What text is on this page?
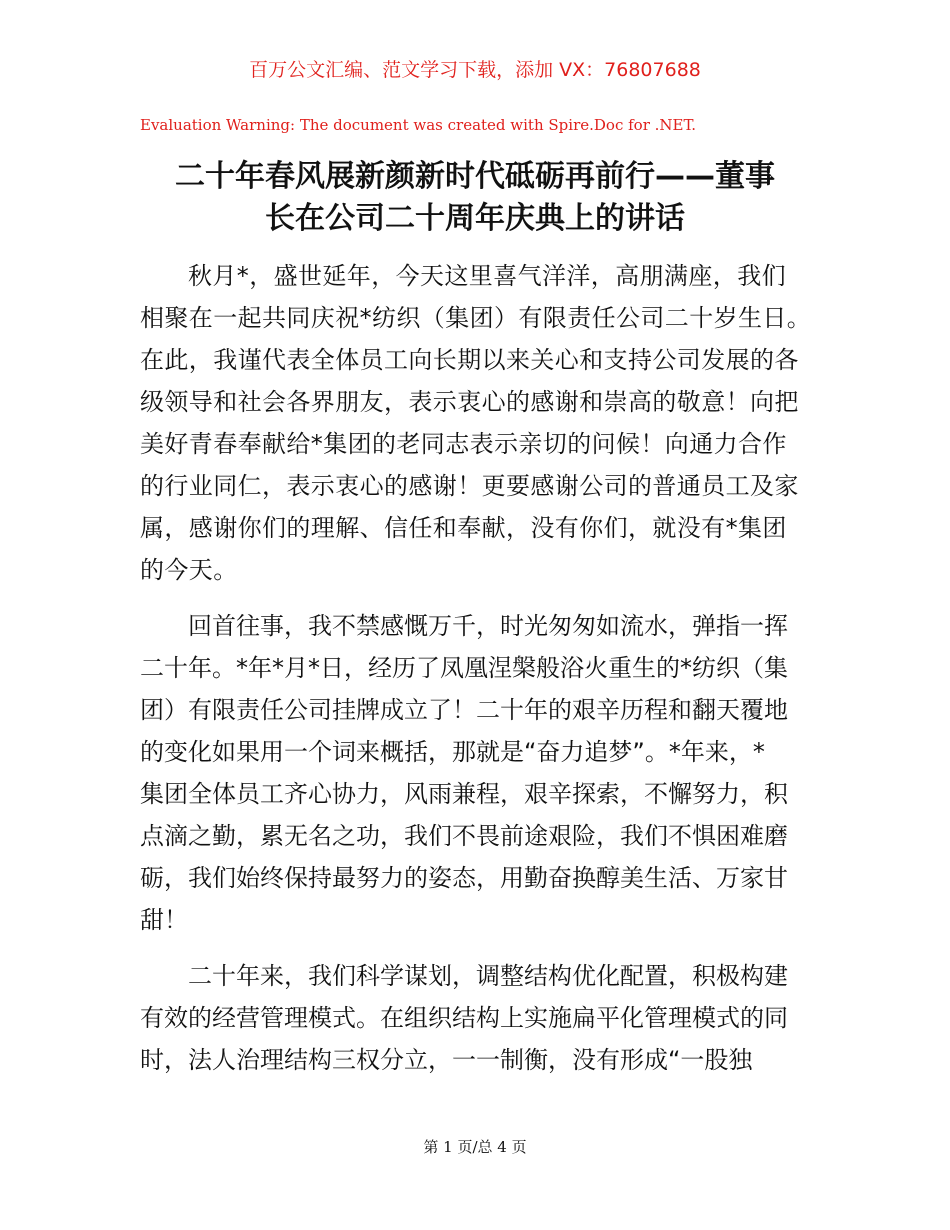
百万公文汇编、范文学习下载，添加 VX：76807688
Evaluation Warning: The document was created with Spire.Doc for .NET.
二十年春风展新颜新时代砥砺再前行——董事
长在公司二十周年庆典上的讲话
秋月*，盛世延年，今天这里喜气洋洋，高朋满座，我们
相聚在一起共同庆祝*纺织（集团）有限责任公司二十岁生日。
在此，我谨代表全体员工向长期以来关心和支持公司发展的各
级领导和社会各界朋友，表示衷心的感谢和崇高的敬意！向把
美好青春奉献给*集团的老同志表示亲切的问候！向通力合作
的行业同仁，表示衷心的感谢！更要感谢公司的普通员工及家
属，感谢你们的理解、信任和奉献，没有你们，就没有*集团
的今天。
回首往事，我不禁感慨万千，时光匆匆如流水，弹指一挥
二十年。*年*月*日，经历了凤凰涅槃般浴火重生的*纺织（集
团）有限责任公司挂牌成立了！二十年的艰辛历程和翻天覆地
的变化如果用一个词来概括，那就是“奋力追梦”。*年来，*
集团全体员工齐心协力，风雨兼程，艰辛探索，不懈努力，积
点滴之勤，累无名之功，我们不畏前途艰险，我们不惧困难磨
砺，我们始终保持最努力的姿态，用勤奋换醇美生活、万家甘
甜！
二十年来，我们科学谋划，调整结构优化配置，积极构建
有效的经营管理模式。在组织结构上实施扁平化管理模式的同
时，法人治理结构三权分立，一一制衡，没有形成“一股独
第 1 页/总 4 页
